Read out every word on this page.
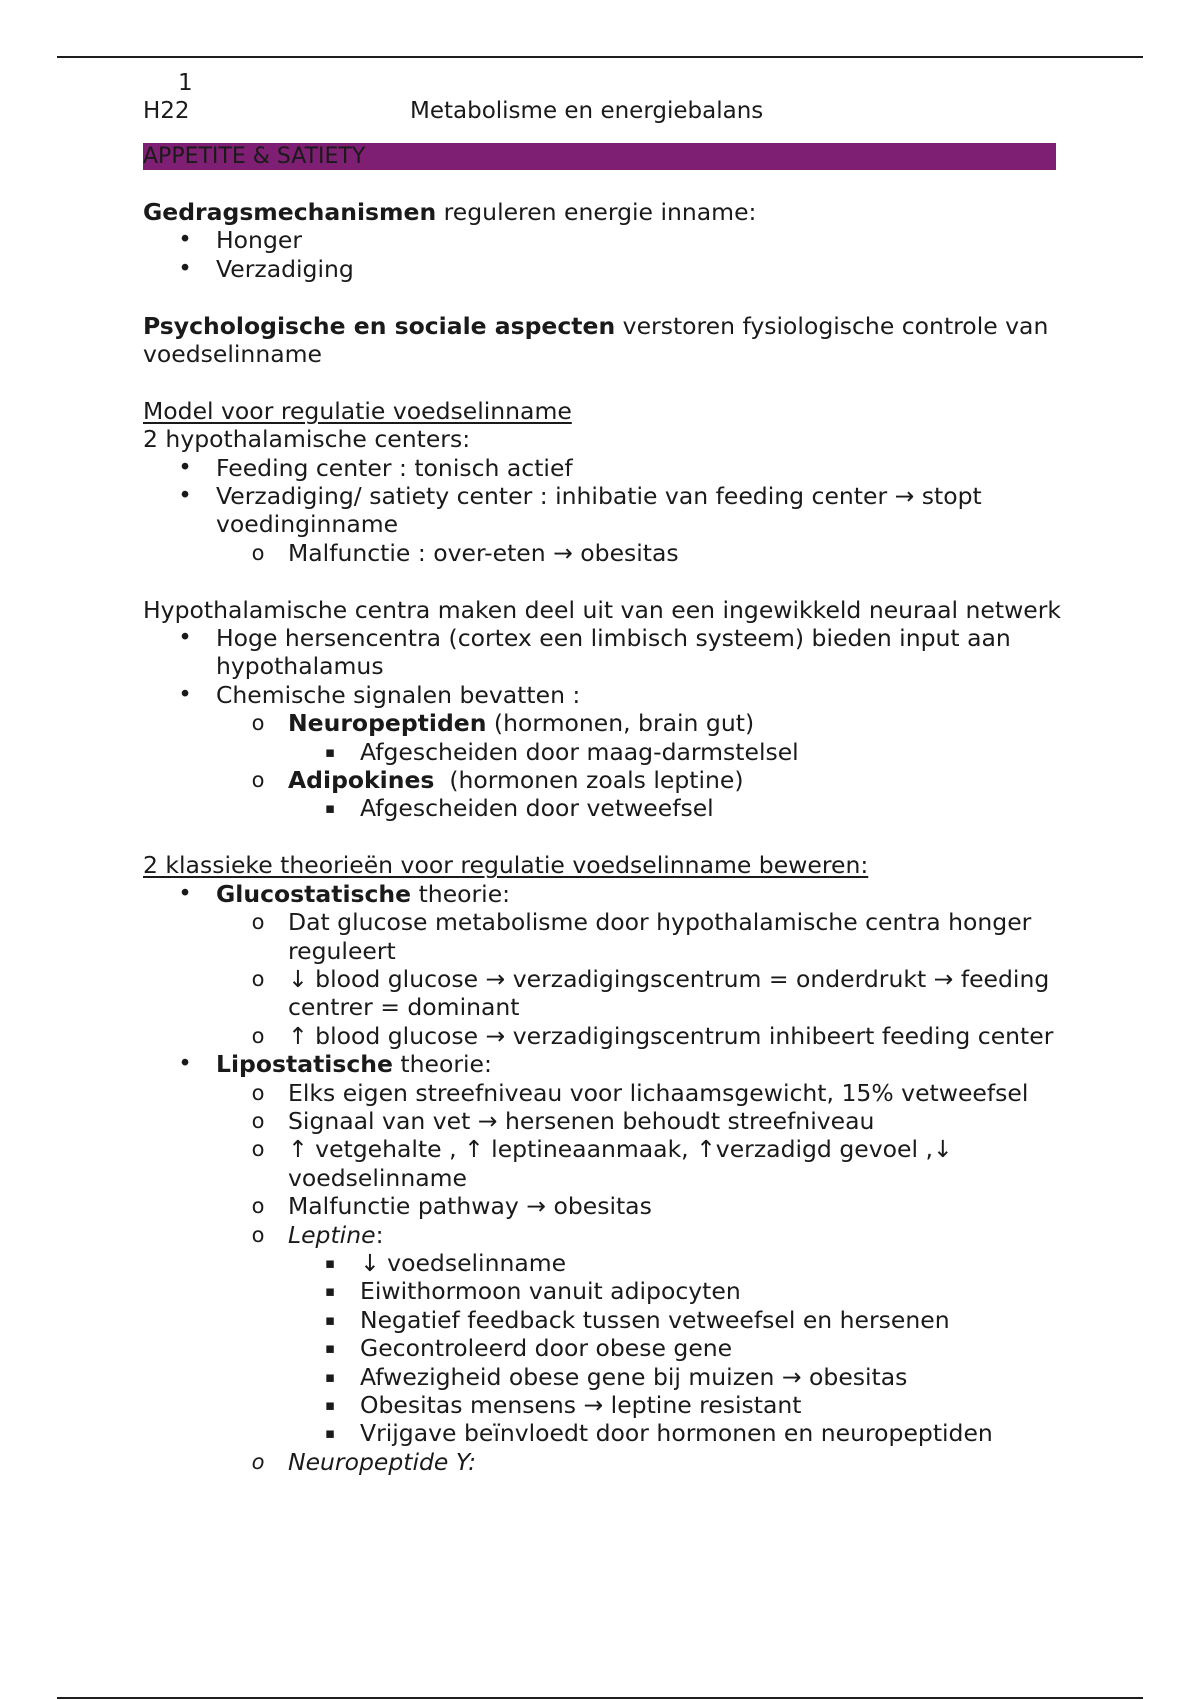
1
H22	Metabolisme en energiebalans
APPETITE & SATIETY

Gedragsmechanismen reguleren energie inname:

• Honger
• Verzadiging

Psychologische en sociale aspecten verstoren fysiologische controle van voedselinname

Model voor regulatie voedselinname

2 hypothalamische centers:

• Feeding center : tonisch actief
• Verzadiging/ satiety center : inhibatie van feeding center → stopt voedinginname
o Malfunctie : over-eten → obesitas

Hypothalamische centra maken deel uit van een ingewikkeld neuraal netwerk

• Hoge hersencentra (cortex een limbisch systeem) bieden input aan hypothalamus
• Chemische signalen bevatten :
o Neuropeptiden (hormonen, brain gut)
▪ Afgescheiden door maag-darmstelsel
o Adipokines  (hormonen zoals leptine)
▪ Afgescheiden door vetweefsel

2 klassieke theorieën voor regulatie voedselinname beweren:

• Glucostatische theorie:
o Dat glucose metabolisme door hypothalamische centra honger reguleert
o ↓ blood glucose → verzadigingscentrum = onderdrukt → feeding centrer = dominant
o ↑ blood glucose → verzadigingscentrum inhibeert feeding center
• Lipostatische theorie:
o Elks eigen streefniveau voor lichaamsgewicht, 15% vetweefsel
o Signaal van vet → hersenen behoudt streefniveau
o ↑ vetgehalte , ↑ leptineaanmaak, ↑verzadigd gevoel ,↓ voedselinname
o Malfunctie pathway → obesitas
o Leptine:
▪ ↓ voedselinname
▪ Eiwithormoon vanuit adipocyten
▪ Negatief feedback tussen vetweefsel en hersenen
▪ Gecontroleerd door obese gene
▪ Afwezigheid obese gene bij muizen → obesitas
▪ Obesitas mensens → leptine resistant
▪ Vrijgave beïnvloedt door hormonen en neuropeptiden
o Neuropeptide Y:
